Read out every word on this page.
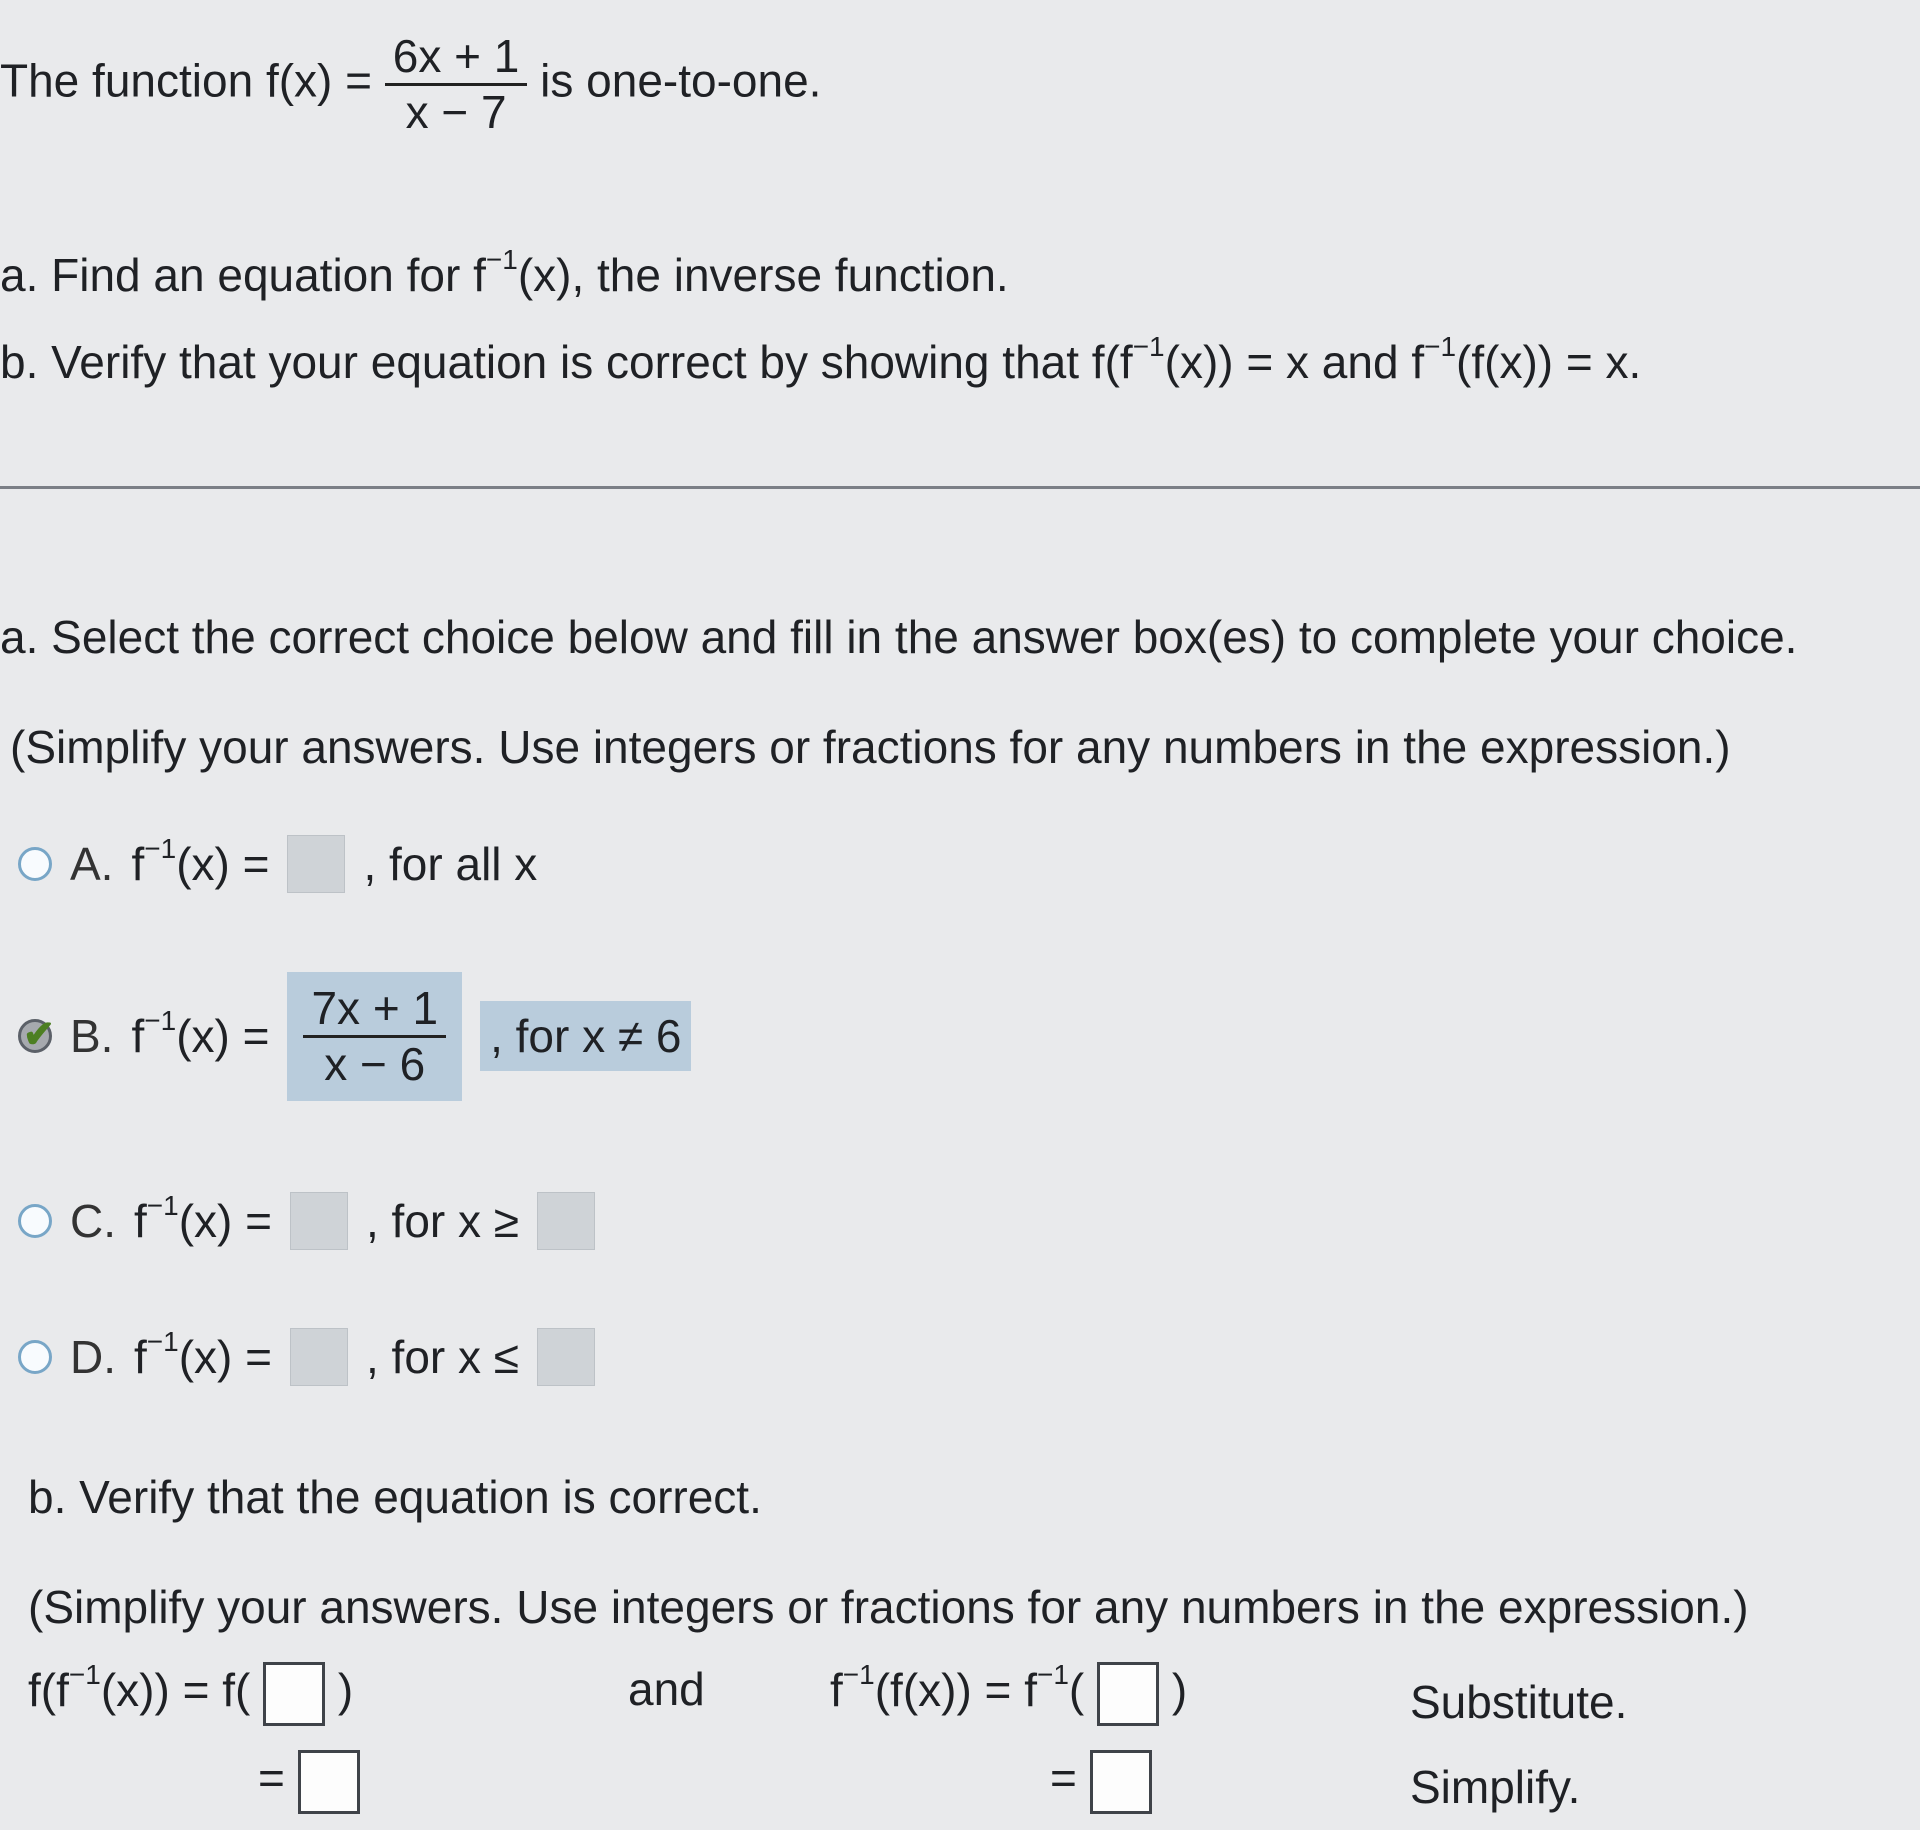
The function $f(x) = \frac{6x + 1}{x - 7}$ is one-to-one.
a. Find an equation for $f^{-1}(x)$, the inverse function.
b. Verify that your equation is correct by showing that $f(f^{-1}(x)) = x$ and $f^{-1}(f(x)) = x$.
a. Select the correct choice below and fill in the answer box(es) to complete your choice.
(Simplify your answers. Use integers or fractions for any numbers in the expression.)
A. $f^{-1}(x)$ = , for all x
✔ B. $f^{-1}(x) = \frac{7x + 1}{x - 6}$ , for x ≠ 6
C. $f^{-1}(x)$ = , for x ≥
D. $f^{-1}(x)$ = , for x ≤
b. Verify that the equation is correct.
(Simplify your answers. Use integers or fractions for any numbers in the expression.)
$f(f^{-1}(x)) = f$( )	and	$f^{-1}(f(x)) = f^{-1}$( )	Substitute.
=	=	Simplify.
